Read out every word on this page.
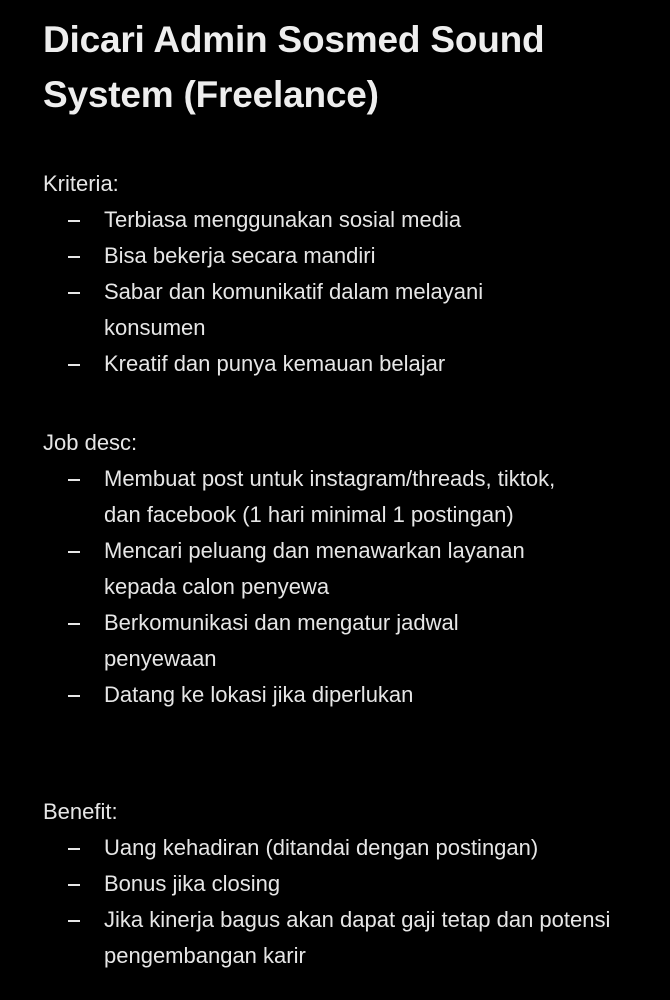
Dicari Admin Sosmed Sound System (Freelance)
Kriteria:
Terbiasa menggunakan sosial media
Bisa bekerja secara mandiri
Sabar dan komunikatif dalam melayani konsumen
Kreatif dan punya kemauan belajar
Job desc:
Membuat post untuk instagram/threads, tiktok, dan facebook (1 hari minimal 1 postingan)
Mencari peluang dan menawarkan layanan kepada calon penyewa
Berkomunikasi dan mengatur jadwal penyewaan
Datang ke lokasi jika diperlukan
Benefit:
Uang kehadiran (ditandai dengan postingan)
Bonus jika closing
Jika kinerja bagus akan dapat gaji tetap dan potensi pengembangan karir
